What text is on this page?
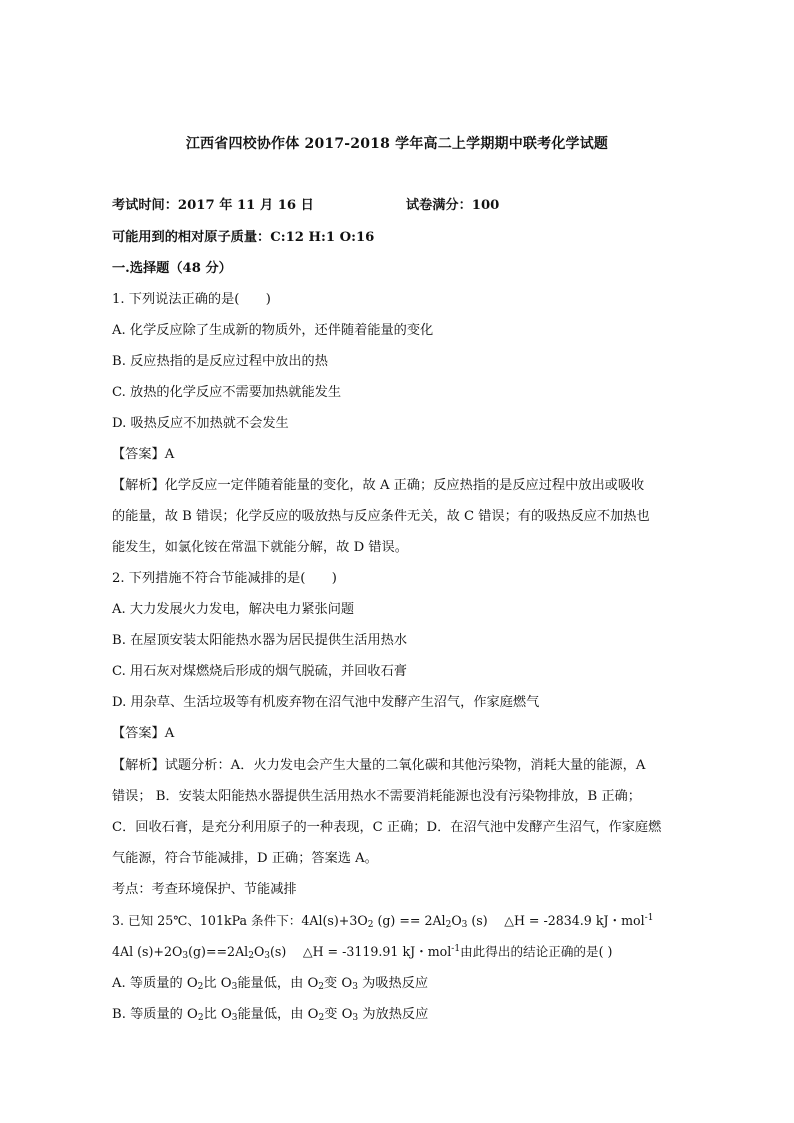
江西省四校协作体 2017-2018 学年高二上学期期中联考化学试题
考试时间：2017 年 11 月 16 日	试卷满分：100
可能用到的相对原子质量：C:12 H:1 O:16
一.选择题（48 分）
1. 下列说法正确的是(　　)
A. 化学反应除了生成新的物质外，还伴随着能量的变化
B. 反应热指的是反应过程中放出的热
C. 放热的化学反应不需要加热就能发生
D. 吸热反应不加热就不会发生
【答案】A
【解析】化学反应一定伴随着能量的变化，故 A 正确；反应热指的是反应过程中放出或吸收
的能量，故 B 错误；化学反应的吸放热与反应条件无关，故 C 错误；有的吸热反应不加热也
能发生，如氯化铵在常温下就能分解，故 D 错误。
2. 下列措施不符合节能减排的是(　　)
A. 大力发展火力发电，解决电力紧张问题
B. 在屋顶安装太阳能热水器为居民提供生活用热水
C. 用石灰对煤燃烧后形成的烟气脱硫，并回收石膏
D. 用杂草、生活垃圾等有机废弃物在沼气池中发酵产生沼气，作家庭燃气
【答案】A
【解析】试题分析：A．火力发电会产生大量的二氧化碳和其他污染物，消耗大量的能源，A
错误； B．安装太阳能热水器提供生活用热水不需要消耗能源也没有污染物排放，B 正确；
C．回收石膏，是充分利用原子的一种表现，C 正确；D．在沼气池中发酵产生沼气，作家庭燃
气能源，符合节能减排，D 正确；答案选 A。
考点：考查环境保护、节能减排
3. 已知 25℃、101kPa 条件下：$4Al(s)+3O_2$ $(g) == 2Al_2O_3$ (s)　 △H = -2834.9 kJ・mol$^{-1}$
4Al $(s)+2O_3(g)==2Al_2O_3(s)$　 △H = -3119.91 kJ・mol$^{-1}$由此得出的结论正确的是( )
A. 等质量的 $O_2$比 $O_3$能量低，由 $O_2$变 $O_3$ 为吸热反应
B. 等质量的 $O_2$比 $O_3$能量低，由 $O_2$变 $O_3$ 为放热反应
